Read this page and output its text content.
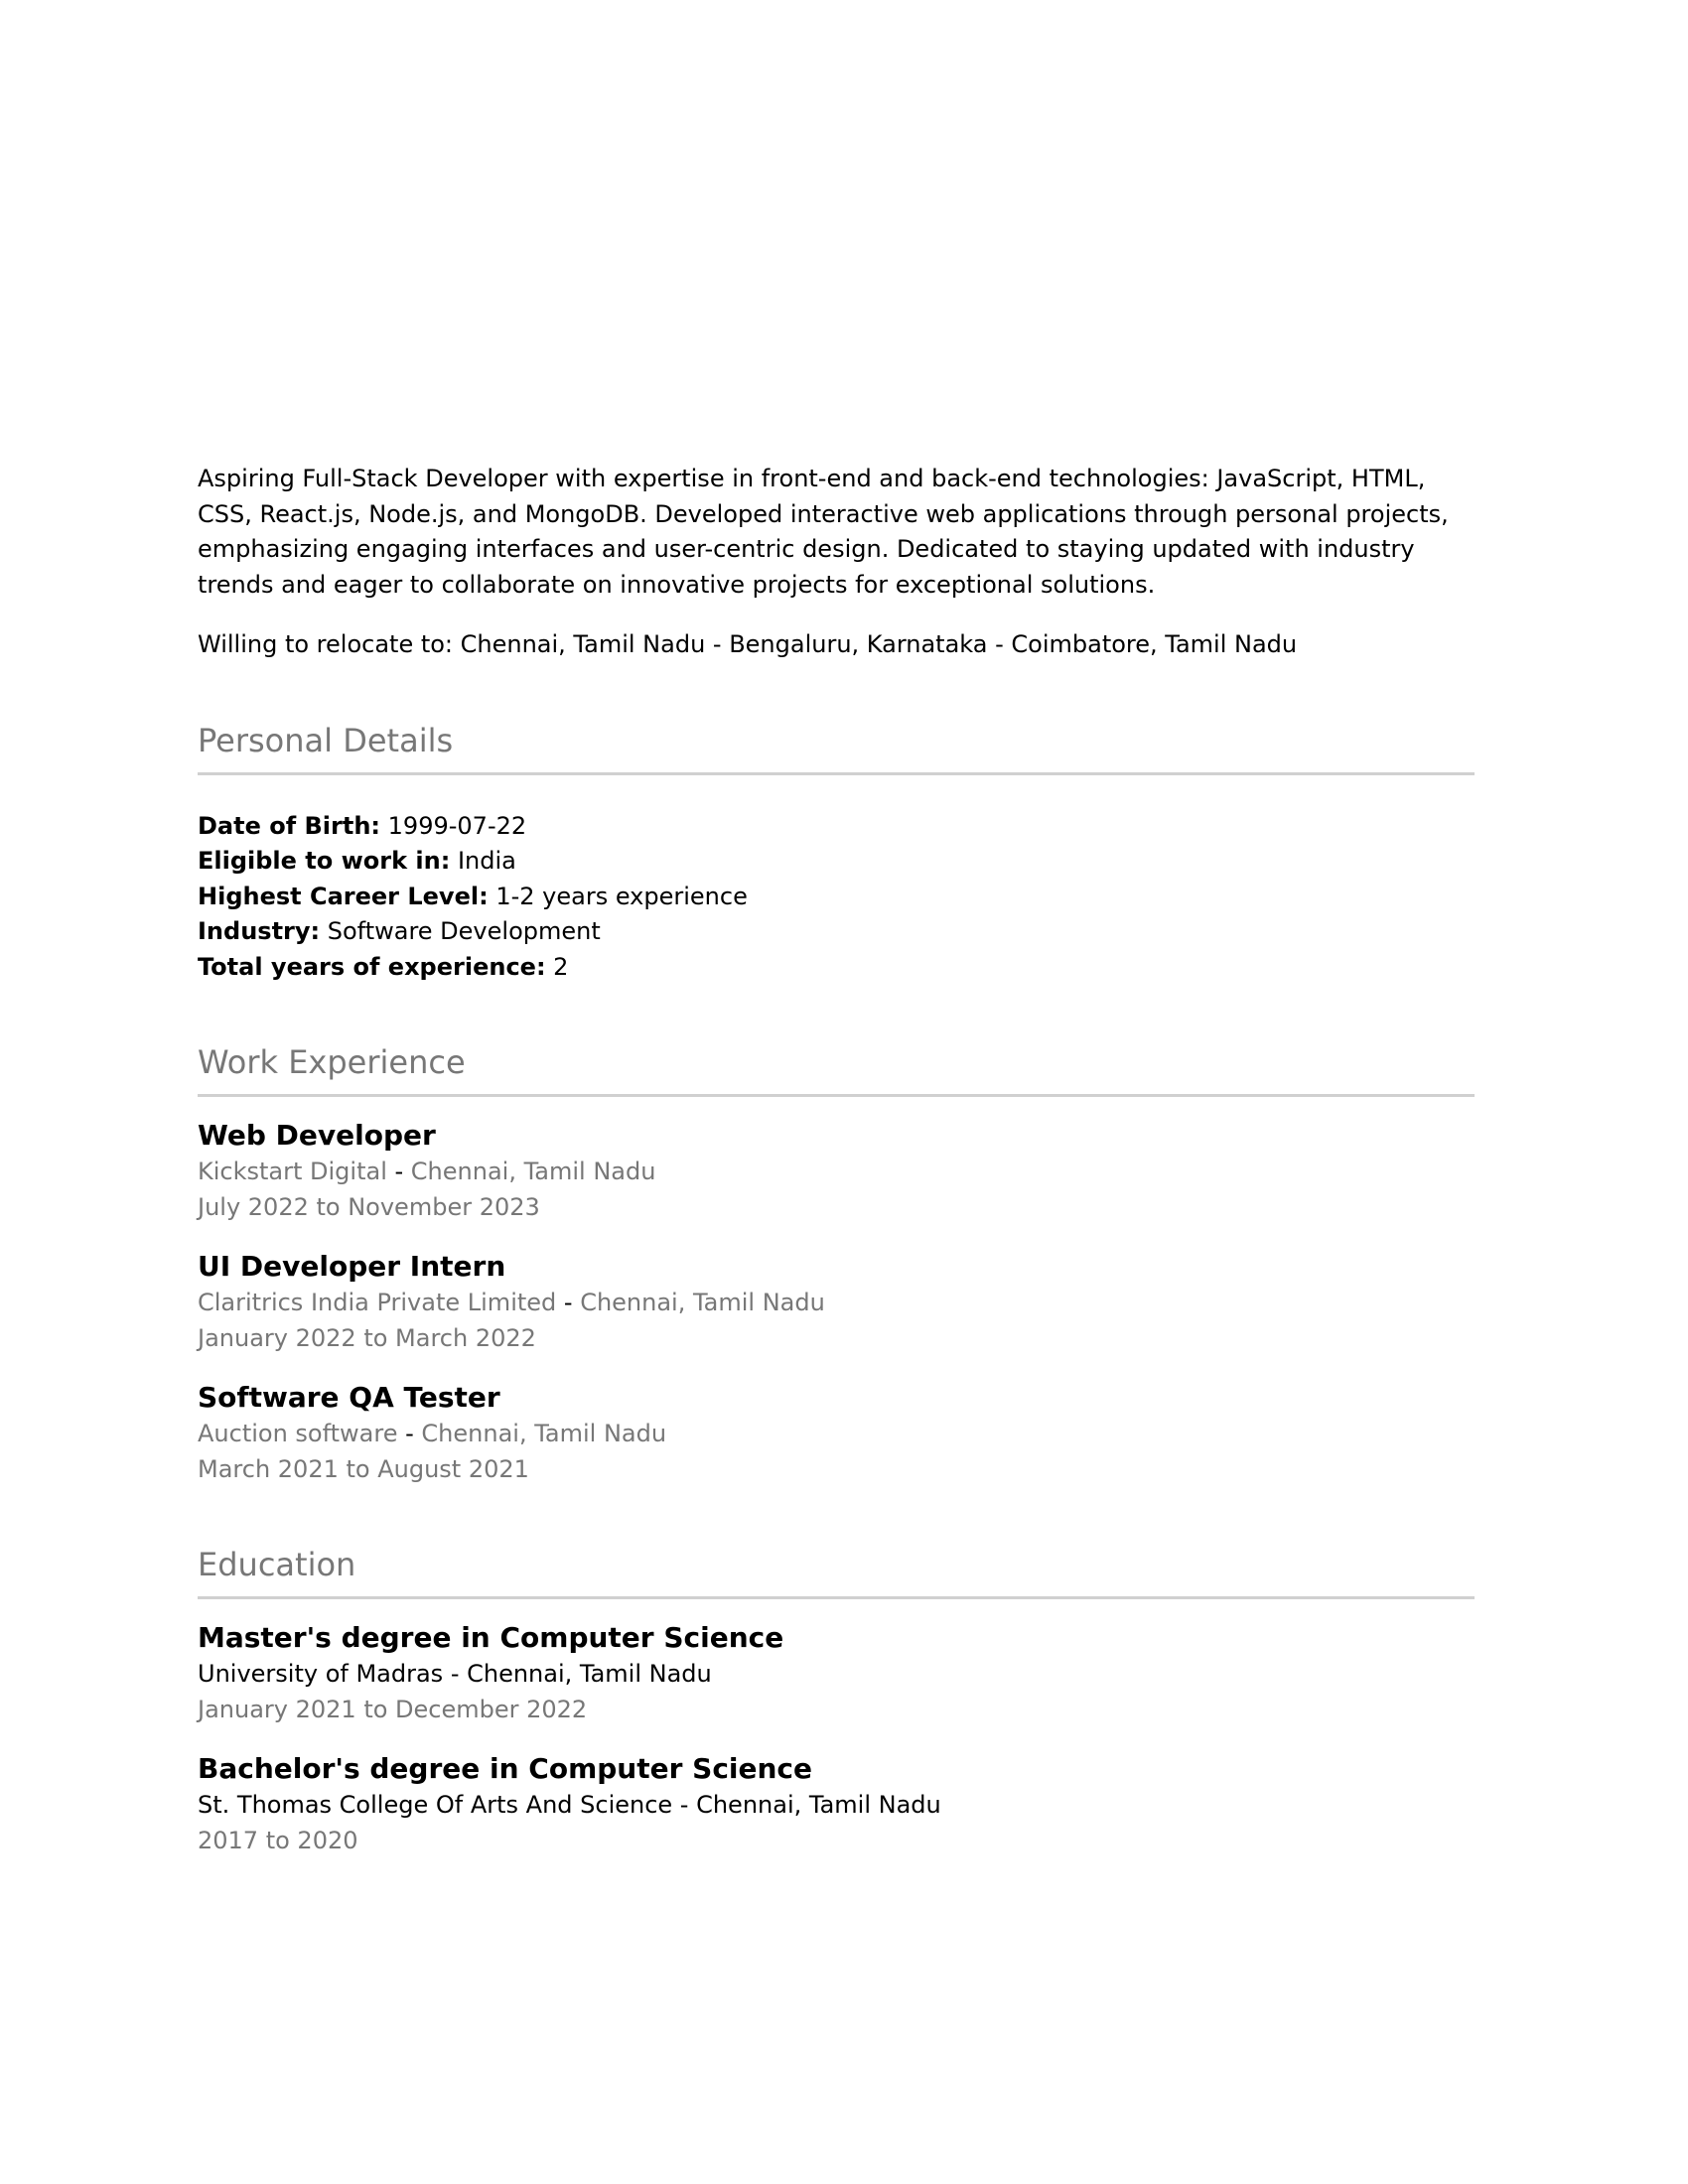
Aspiring Full-Stack Developer with expertise in front-end and back-end technologies: JavaScript, HTML, CSS, React.js, Node.js, and MongoDB. Developed interactive web applications through personal projects, emphasizing engaging interfaces and user-centric design. Dedicated to staying updated with industry trends and eager to collaborate on innovative projects for exceptional solutions.

Willing to relocate to: Chennai, Tamil Nadu - Bengaluru, Karnataka - Coimbatore, Tamil Nadu

Personal Details
Date of Birth: 1999-07-22
Eligible to work in: India
Highest Career Level: 1-2 years experience
Industry: Software Development
Total years of experience: 2
Work Experience
Web Developer
Kickstart Digital - Chennai, Tamil Nadu
July 2022 to November 2023
UI Developer Intern
Claritrics India Private Limited - Chennai, Tamil Nadu
January 2022 to March 2022
Software QA Tester
Auction software - Chennai, Tamil Nadu
March 2021 to August 2021
Education
Master's degree in Computer Science
University of Madras - Chennai, Tamil Nadu
January 2021 to December 2022
Bachelor's degree in Computer Science
St. Thomas College Of Arts And Science - Chennai, Tamil Nadu
2017 to 2020
